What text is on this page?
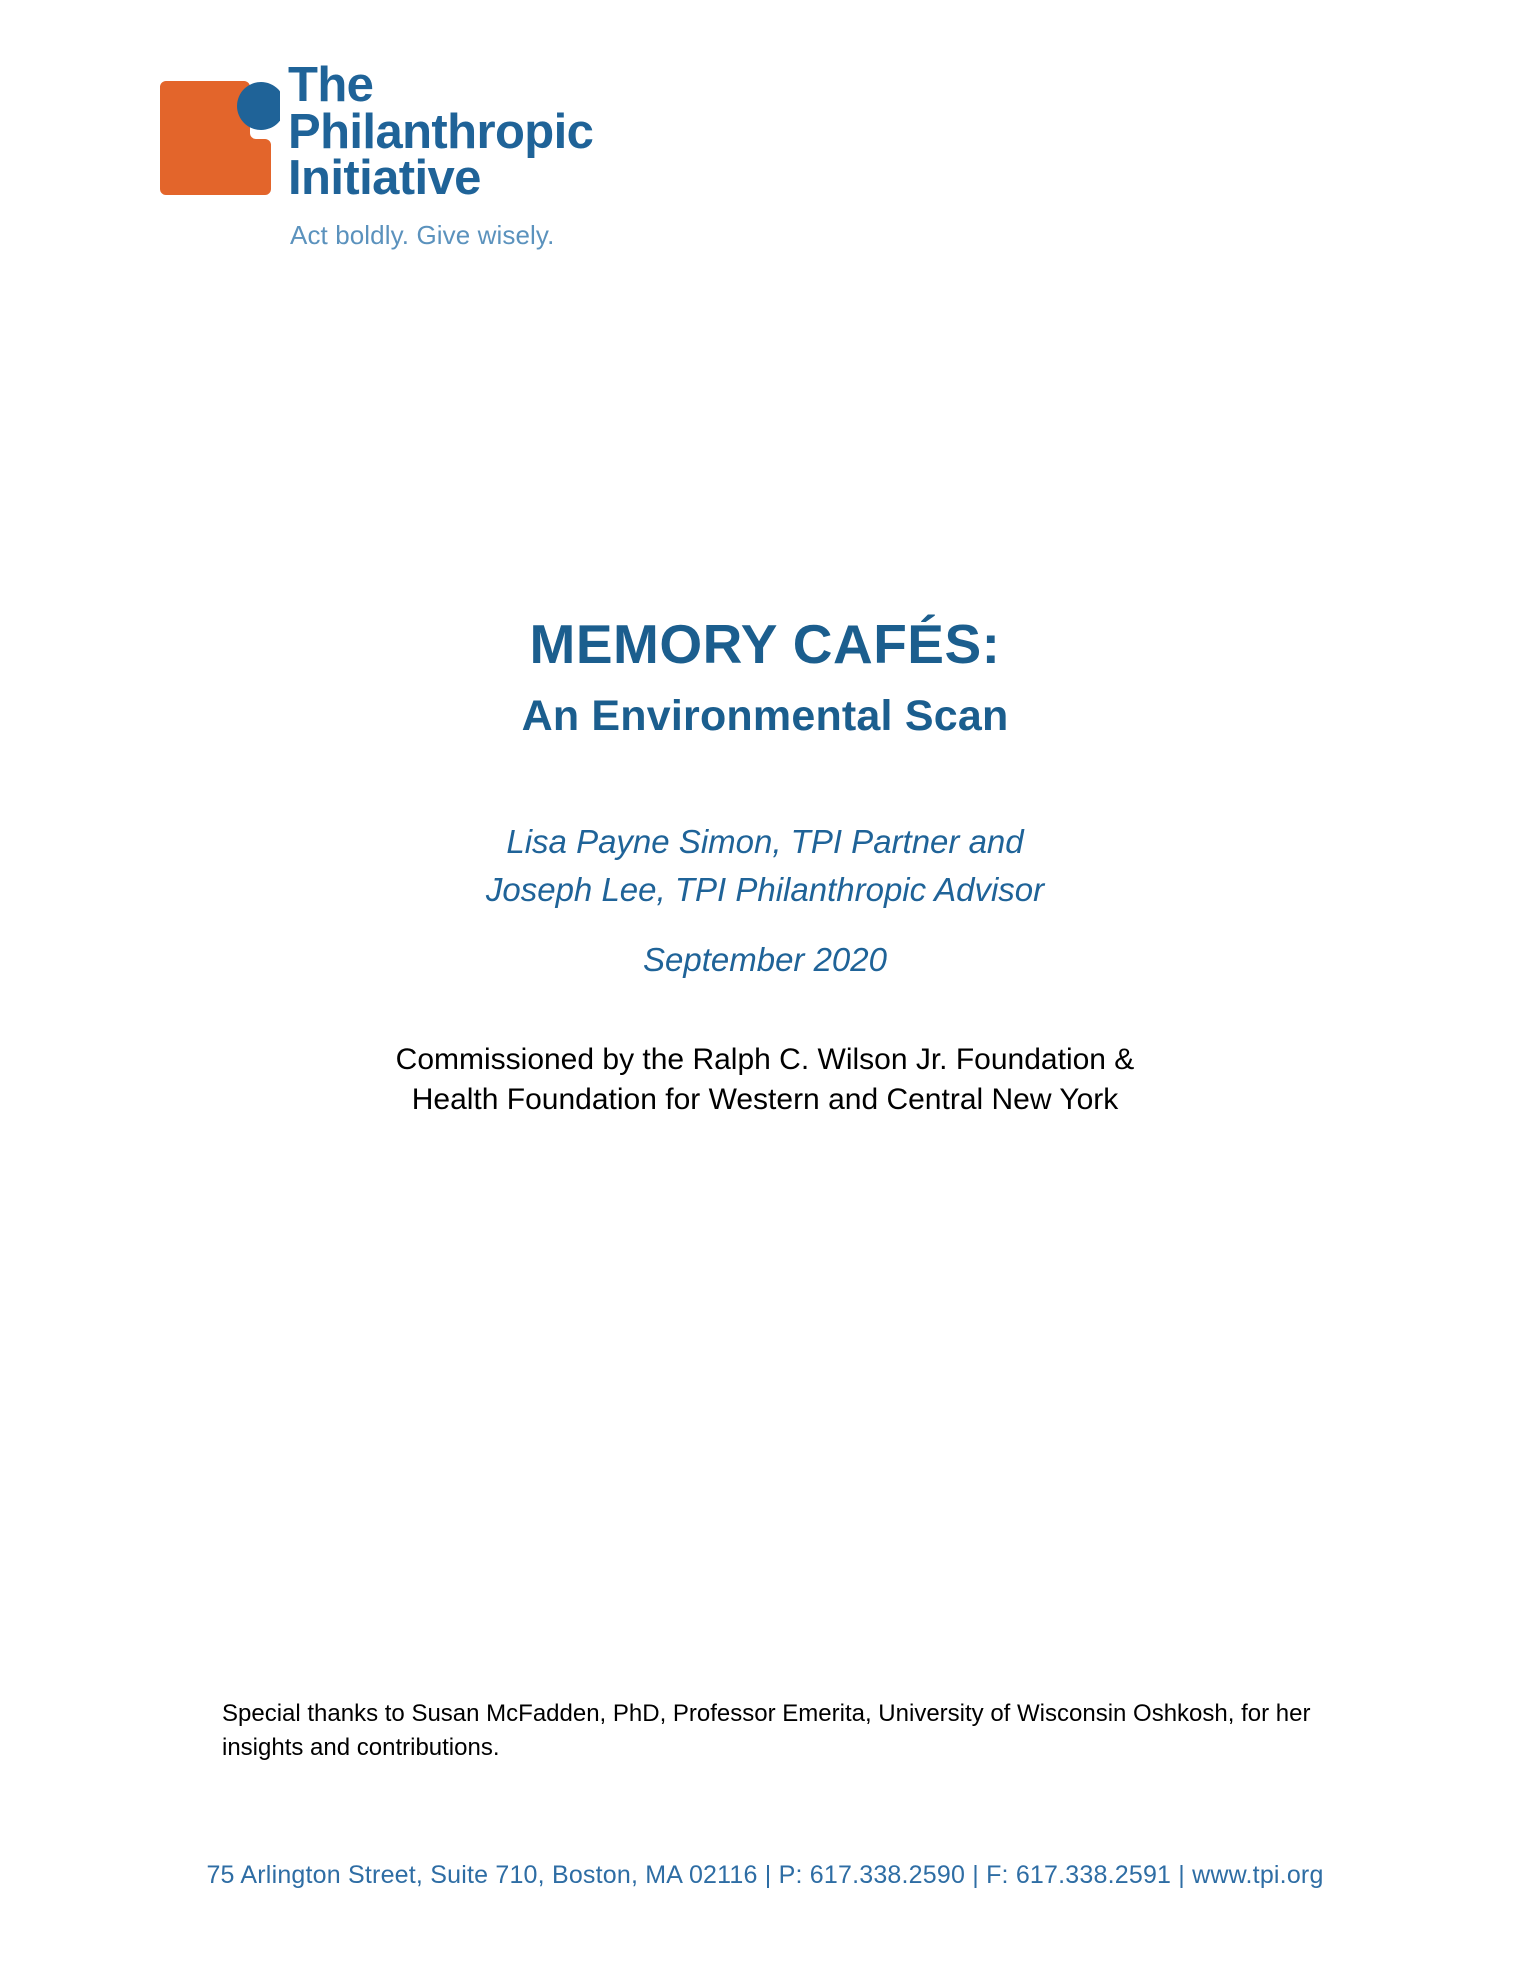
The
Philanthropic
Initiative
Act boldly. Give wisely.
MEMORY CAFÉS:
An Environmental Scan
Lisa Payne Simon, TPI Partner and
Joseph Lee, TPI Philanthropic Advisor
September 2020
Commissioned by the Ralph C. Wilson Jr. Foundation &
Health Foundation for Western and Central New York
Special thanks to Susan McFadden, PhD, Professor Emerita, University of Wisconsin Oshkosh, for her insights and contributions.
75 Arlington Street, Suite 710, Boston, MA 02116 | P: 617.338.2590 | F: 617.338.2591 | www.tpi.org
